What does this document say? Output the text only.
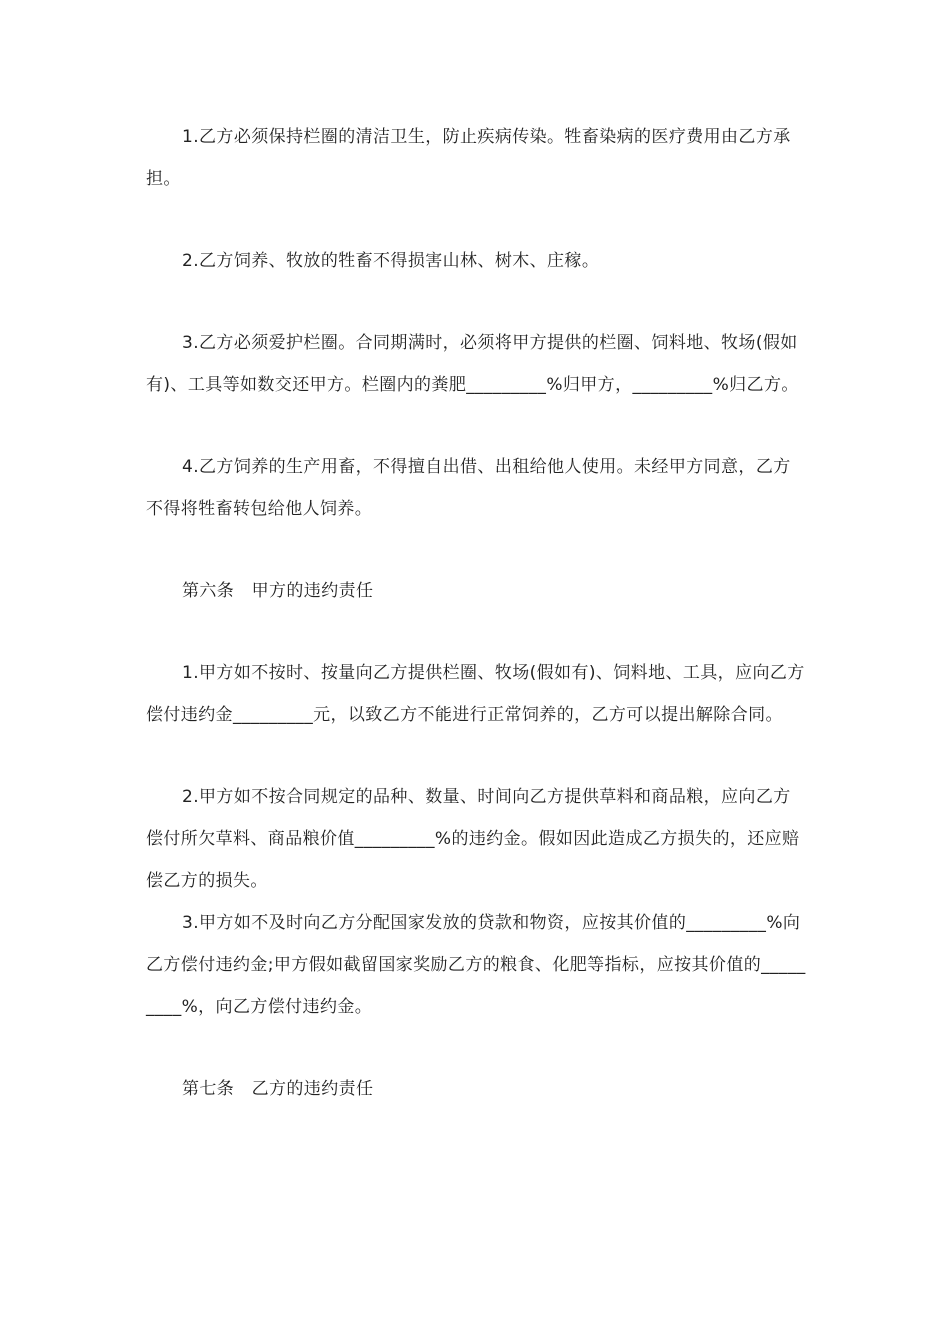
1.乙方必须保持栏圈的清洁卫生，防止疾病传染。牲畜染病的医疗费用由乙方承担。

2.乙方饲养、牧放的牲畜不得损害山林、树木、庄稼。

3.乙方必须爱护栏圈。合同期满时，必须将甲方提供的栏圈、饲料地、牧场(假如有)、工具等如数交还甲方。栏圈内的粪肥_________%归甲方，_________%归乙方。

4.乙方饲养的生产用畜，不得擅自出借、出租给他人使用。未经甲方同意，乙方不得将牲畜转包给他人饲养。

第六条　甲方的违约责任

1.甲方如不按时、按量向乙方提供栏圈、牧场(假如有)、饲料地、工具，应向乙方偿付违约金_________元，以致乙方不能进行正常饲养的，乙方可以提出解除合同。

2.甲方如不按合同规定的品种、数量、时间向乙方提供草料和商品粮，应向乙方偿付所欠草料、商品粮价值_________%的违约金。假如因此造成乙方损失的，还应赔偿乙方的损失。

3.甲方如不及时向乙方分配国家发放的贷款和物资，应按其价值的_________%向乙方偿付违约金;甲方假如截留国家奖励乙方的粮食、化肥等指标，应按其价值的_________%，向乙方偿付违约金。

第七条　乙方的违约责任
